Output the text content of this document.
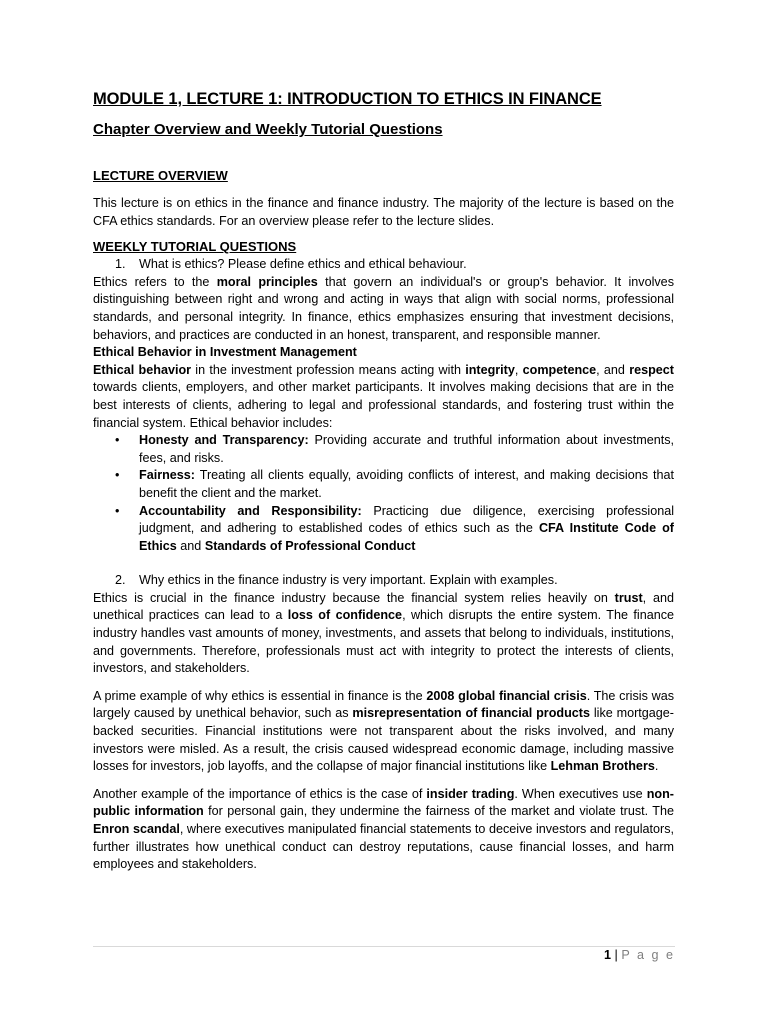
MODULE 1, LECTURE 1: INTRODUCTION TO ETHICS IN FINANCE
Chapter Overview and Weekly Tutorial Questions
LECTURE OVERVIEW

This lecture is on ethics in the finance and finance industry. The majority of the lecture is based on the CFA ethics standards. For an overview please refer to the lecture slides.

WEEKLY TUTORIAL QUESTIONS
1.	What is ethics? Please define ethics and ethical behaviour.

Ethics refers to the moral principles that govern an individual's or group's behavior. It involves distinguishing between right and wrong and acting in ways that align with social norms, professional standards, and personal integrity. In finance, ethics emphasizes ensuring that investment decisions, behaviors, and practices are conducted in an honest, transparent, and responsible manner.

Ethical Behavior in Investment Management

Ethical behavior in the investment profession means acting with integrity, competence, and respect towards clients, employers, and other market participants. It involves making decisions that are in the best interests of clients, adhering to legal and professional standards, and fostering trust within the financial system. Ethical behavior includes:

• Honesty and Transparency: Providing accurate and truthful information about investments, fees, and risks.
• Fairness: Treating all clients equally, avoiding conflicts of interest, and making decisions that benefit the client and the market.
• Accountability and Responsibility: Practicing due diligence, exercising professional judgment, and adhering to established codes of ethics such as the CFA Institute Code of Ethics and Standards of Professional Conduct
2.	Why ethics in the finance industry is very important. Explain with examples.

Ethics is crucial in the finance industry because the financial system relies heavily on trust, and unethical practices can lead to a loss of confidence, which disrupts the entire system. The finance industry handles vast amounts of money, investments, and assets that belong to individuals, institutions, and governments. Therefore, professionals must act with integrity to protect the interests of clients, investors, and stakeholders.

A prime example of why ethics is essential in finance is the 2008 global financial crisis. The crisis was largely caused by unethical behavior, such as misrepresentation of financial products like mortgage-backed securities. Financial institutions were not transparent about the risks involved, and many investors were misled. As a result, the crisis caused widespread economic damage, including massive losses for investors, job layoffs, and the collapse of major financial institutions like Lehman Brothers.

Another example of the importance of ethics is the case of insider trading. When executives use non-public information for personal gain, they undermine the fairness of the market and violate trust. The Enron scandal, where executives manipulated financial statements to deceive investors and regulators, further illustrates how unethical conduct can destroy reputations, cause financial losses, and harm employees and stakeholders.

1 | P a g e
